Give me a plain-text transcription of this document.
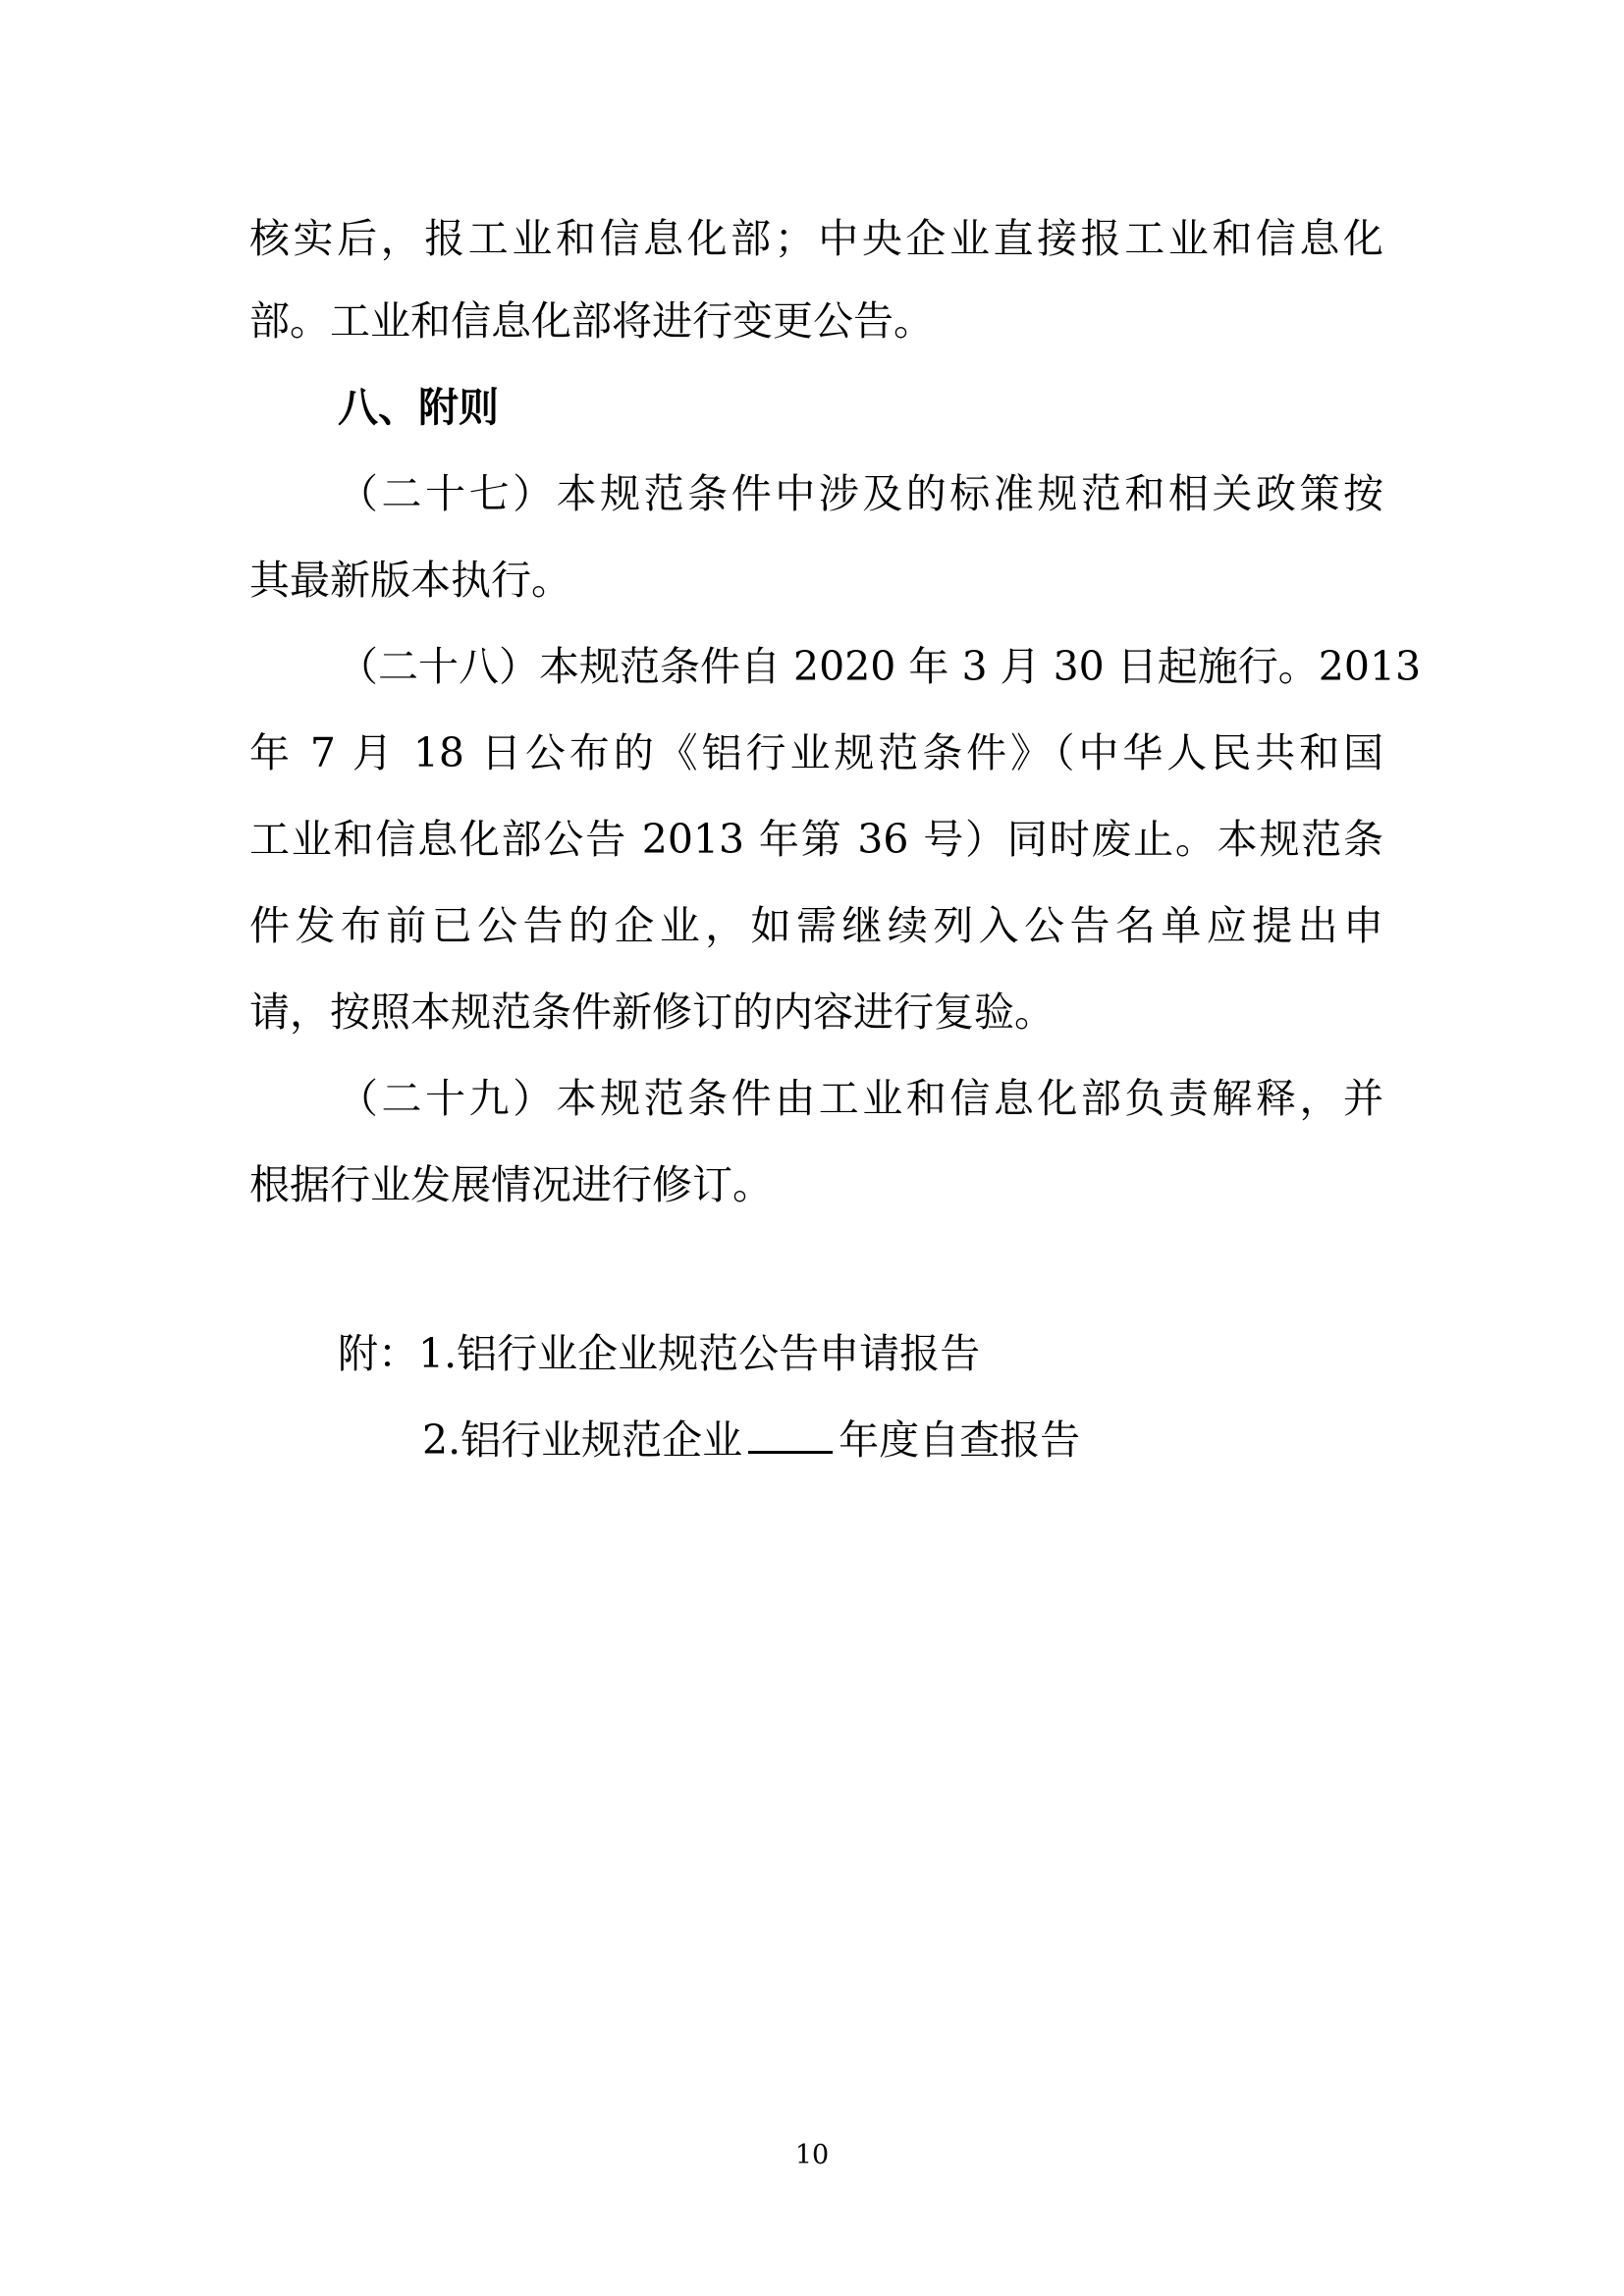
核实后，报工业和信息化部；中央企业直接报工业和信息化
部。工业和信息化部将进行变更公告。
八、附则
（二十七）本规范条件中涉及的标准规范和相关政策按
其最新版本执行。
（二十八）本规范条件自 2020 年 3 月 30 日起施行。2013
年 7 月 18 日公布的《铝行业规范条件》（中华人民共和国
工业和信息化部公告 2013 年第 36 号）同时废止。本规范条
件发布前已公告的企业，如需继续列入公告名单应提出申
请，按照本规范条件新修订的内容进行复验。
（二十九）本规范条件由工业和信息化部负责解释，并
根据行业发展情况进行修订。
附：1.铝行业企业规范公告申请报告
2.铝行业规范企业 年度自查报告
10
